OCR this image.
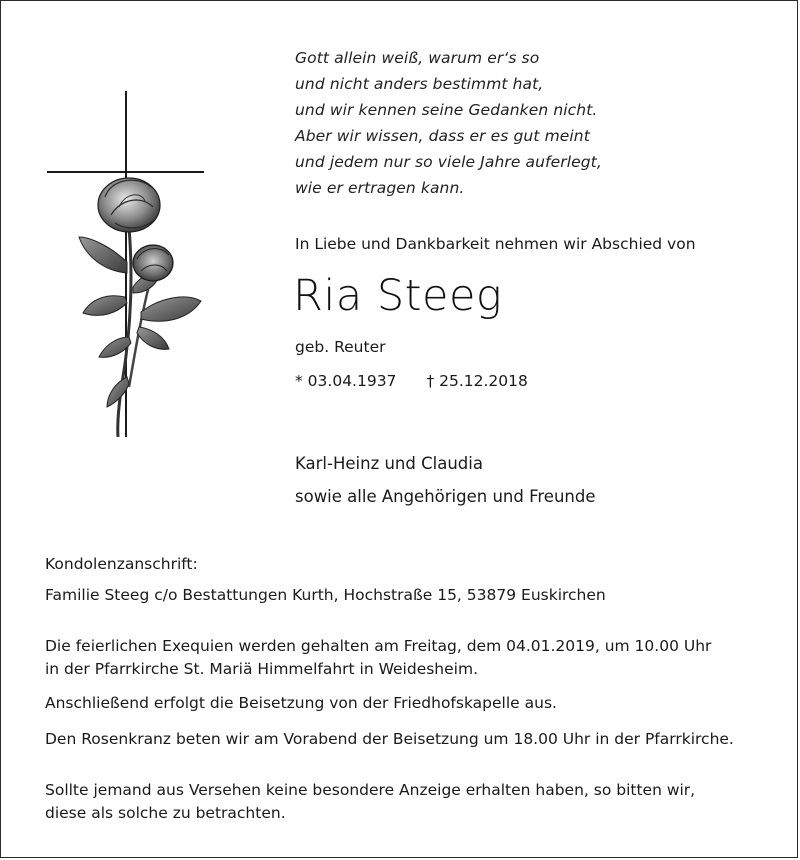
Gott allein weiß, warum er‘s so
und nicht anders bestimmt hat,
und wir kennen seine Gedanken nicht.
Aber wir wissen, dass er es gut meint
und jedem nur so viele Jahre auferlegt,
wie er ertragen kann.
In Liebe und Dankbarkeit nehmen wir Abschied von
Ria Steeg
geb. Reuter
* 03.04.1937 † 25.12.2018
Karl-Heinz und Claudia
sowie alle Angehörigen und Freunde
Kondolenzanschrift:
Familie Steeg c/o Bestattungen Kurth, Hochstraße 15, 53879 Euskirchen
Die feierlichen Exequien werden gehalten am Freitag, dem 04.01.2019, um 10.00 Uhr
in der Pfarrkirche St. Mariä Himmelfahrt in Weidesheim.
Anschließend erfolgt die Beisetzung von der Friedhofskapelle aus.
Den Rosenkranz beten wir am Vorabend der Beisetzung um 18.00 Uhr in der Pfarrkirche.
Sollte jemand aus Versehen keine besondere Anzeige erhalten haben, so bitten wir,
diese als solche zu betrachten.
